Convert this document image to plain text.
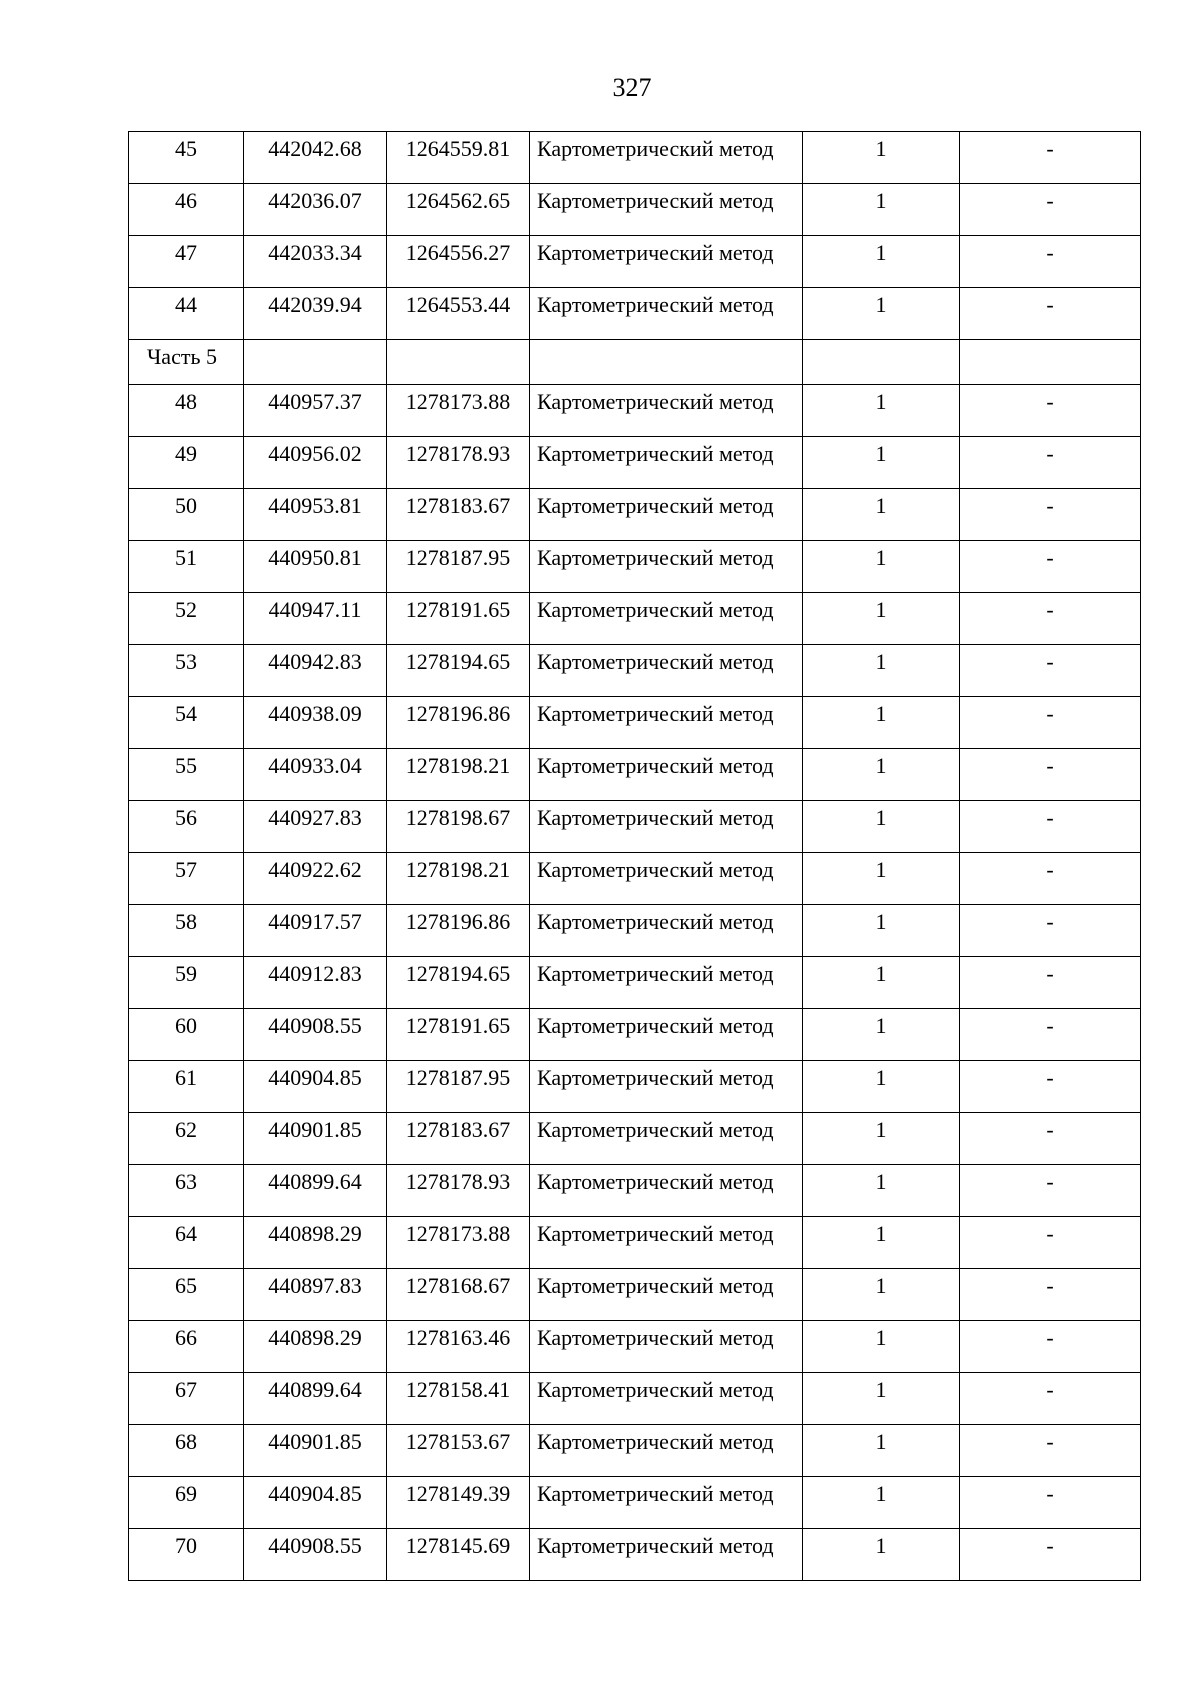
327
45	442042.68	1264559.81	Картометрический метод	1	-
46	442036.07	1264562.65	Картометрический метод	1	-
47	442033.34	1264556.27	Картометрический метод	1	-
44	442039.94	1264553.44	Картометрический метод	1	-
Часть 5					
48	440957.37	1278173.88	Картометрический метод	1	-
49	440956.02	1278178.93	Картометрический метод	1	-
50	440953.81	1278183.67	Картометрический метод	1	-
51	440950.81	1278187.95	Картометрический метод	1	-
52	440947.11	1278191.65	Картометрический метод	1	-
53	440942.83	1278194.65	Картометрический метод	1	-
54	440938.09	1278196.86	Картометрический метод	1	-
55	440933.04	1278198.21	Картометрический метод	1	-
56	440927.83	1278198.67	Картометрический метод	1	-
57	440922.62	1278198.21	Картометрический метод	1	-
58	440917.57	1278196.86	Картометрический метод	1	-
59	440912.83	1278194.65	Картометрический метод	1	-
60	440908.55	1278191.65	Картометрический метод	1	-
61	440904.85	1278187.95	Картометрический метод	1	-
62	440901.85	1278183.67	Картометрический метод	1	-
63	440899.64	1278178.93	Картометрический метод	1	-
64	440898.29	1278173.88	Картометрический метод	1	-
65	440897.83	1278168.67	Картометрический метод	1	-
66	440898.29	1278163.46	Картометрический метод	1	-
67	440899.64	1278158.41	Картометрический метод	1	-
68	440901.85	1278153.67	Картометрический метод	1	-
69	440904.85	1278149.39	Картометрический метод	1	-
70	440908.55	1278145.69	Картометрический метод	1	-
